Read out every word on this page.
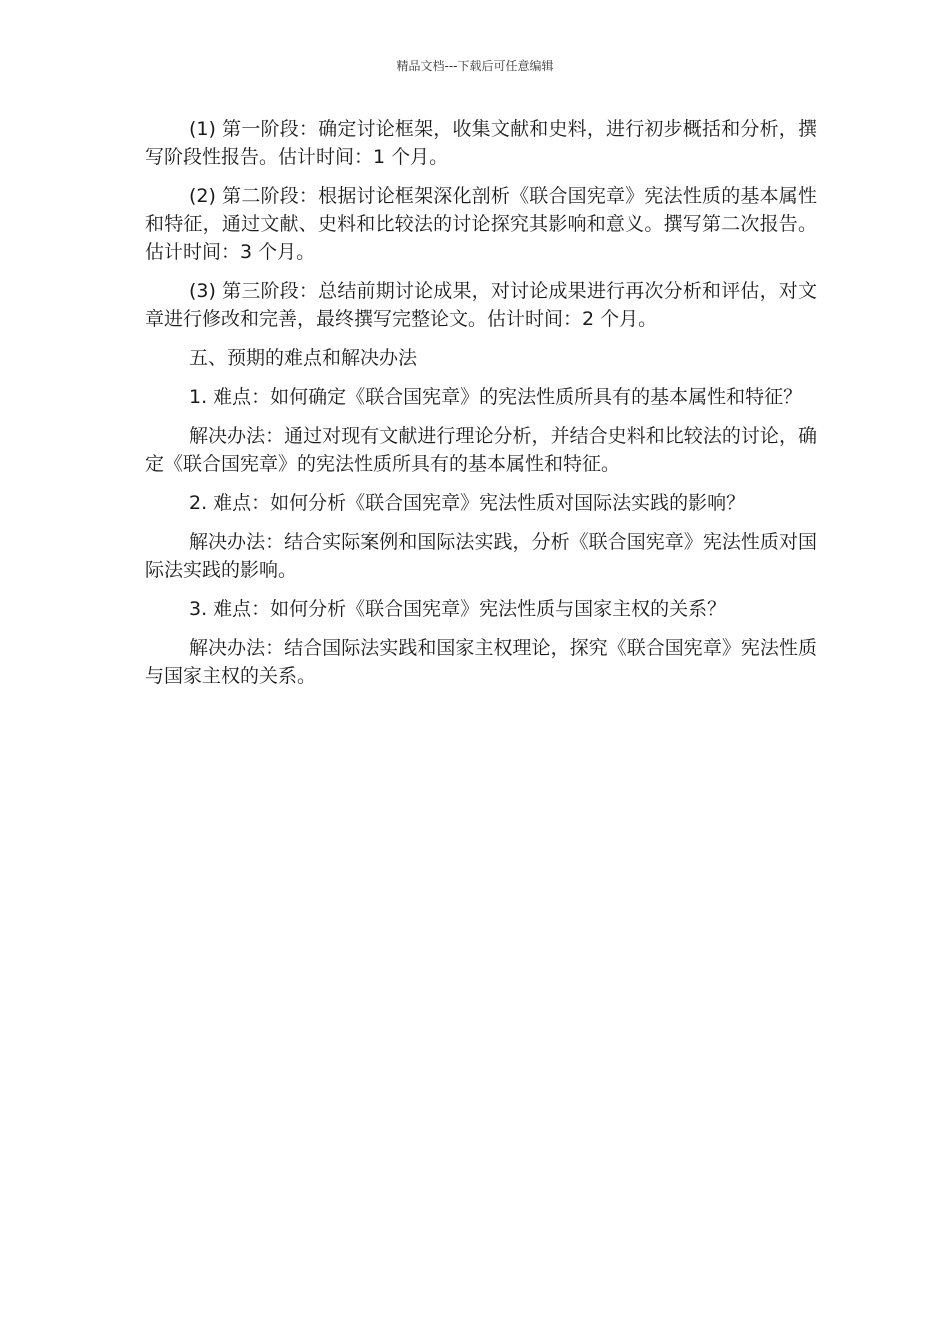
精品文档---下载后可任意编辑

(1) 第一阶段：确定讨论框架，收集文献和史料，进行初步概括和分析，撰写阶段性报告。估计时间：1 个月。

(2) 第二阶段：根据讨论框架深化剖析《联合国宪章》宪法性质的基本属性和特征，通过文献、史料和比较法的讨论探究其影响和意义。撰写第二次报告。估计时间：3 个月。

(3) 第三阶段：总结前期讨论成果，对讨论成果进行再次分析和评估，对文章进行修改和完善，最终撰写完整论文。估计时间：2 个月。

五、预期的难点和解决办法

1. 难点：如何确定《联合国宪章》的宪法性质所具有的基本属性和特征？

解决办法：通过对现有文献进行理论分析，并结合史料和比较法的讨论，确定《联合国宪章》的宪法性质所具有的基本属性和特征。

2. 难点：如何分析《联合国宪章》宪法性质对国际法实践的影响？

解决办法：结合实际案例和国际法实践，分析《联合国宪章》宪法性质对国际法实践的影响。

3. 难点：如何分析《联合国宪章》宪法性质与国家主权的关系？

解决办法：结合国际法实践和国家主权理论，探究《联合国宪章》宪法性质与国家主权的关系。
